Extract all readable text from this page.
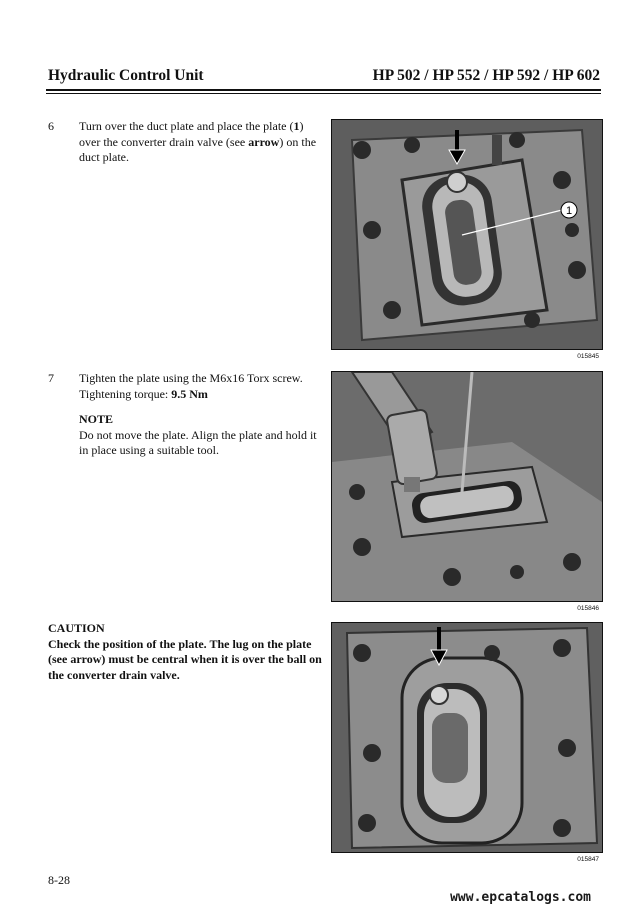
Hydraulic Control Unit	HP 502 / HP 552 / HP 592 / HP 602
6 Turn over the duct plate and place the plate (1) over the converter drain valve (see arrow) on the duct plate.
1
015845
7 Tighten the plate using the M6x16 Torx screw.
Tightening torque: 9.5 Nm
NOTE
Do not move the plate. Align the plate and hold it in place using a suitable tool.
015846
CAUTION
Check the position of the plate. The lug on the plate (see arrow) must be central when it is over the ball on the converter drain valve.
015847
8-28
www.epcatalogs.com
